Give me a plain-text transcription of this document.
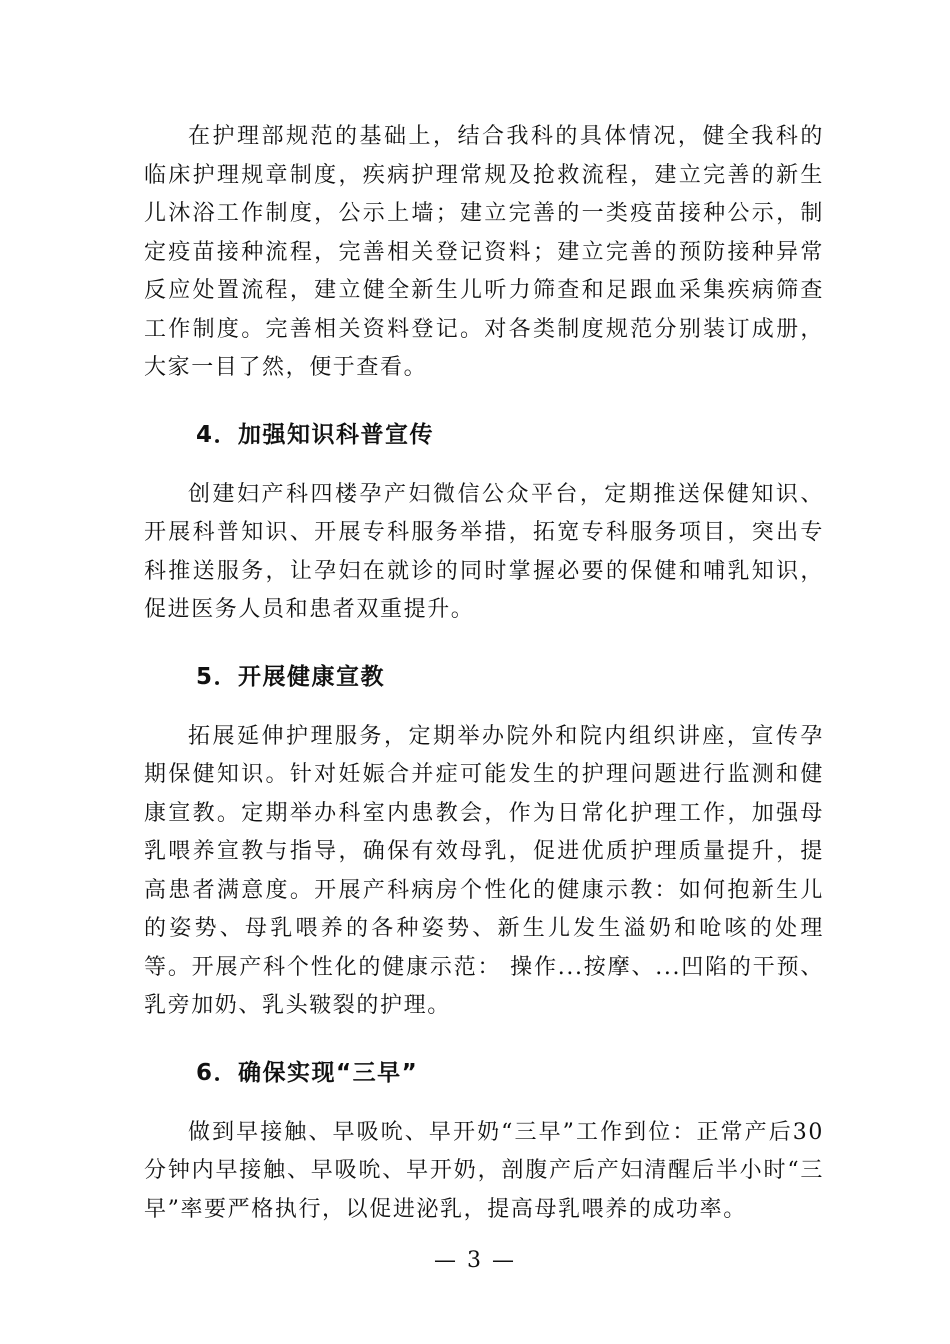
在护理部规范的基础上，结合我科的具体情况，健全我科的临床护理规章制度，疾病护理常规及抢救流程，建立完善的新生儿沐浴工作制度，公示上墙；建立完善的一类疫苗接种公示，制定疫苗接种流程，完善相关登记资料；建立完善的预防接种异常反应处置流程，建立健全新生儿听力筛查和足跟血采集疾病筛查工作制度。完善相关资料登记。对各类制度规范分别装订成册，大家一目了然，便于查看。

4．加强知识科普宣传

创建妇产科四楼孕产妇微信公众平台，定期推送保健知识、开展科普知识、开展专科服务举措，拓宽专科服务项目，突出专科推送服务，让孕妇在就诊的同时掌握必要的保健和哺乳知识，促进医务人员和患者双重提升。

5．开展健康宣教

拓展延伸护理服务，定期举办院外和院内组织讲座，宣传孕期保健知识。针对妊娠合并症可能发生的护理问题进行监测和健康宣教。定期举办科室内患教会，作为日常化护理工作，加强母乳喂养宣教与指导，确保有效母乳，促进优质护理质量提升，提高患者满意度。开展产科病房个性化的健康示教：如何抱新生儿的姿势、母乳喂养的各种姿势、新生儿发生溢奶和呛咳的处理等。开展产科个性化的健康示范： 操作...按摩、...凹陷的干预、乳旁加奶、乳头皲裂的护理。

6．确保实现“三早”

做到早接触、早吸吮、早开奶“三早”工作到位：正常产后30分钟内早接触、早吸吮、早开奶，剖腹产后产妇清醒后半小时“三早”率要严格执行，以促进泌乳，提高母乳喂养的成功率。

— 3 —
